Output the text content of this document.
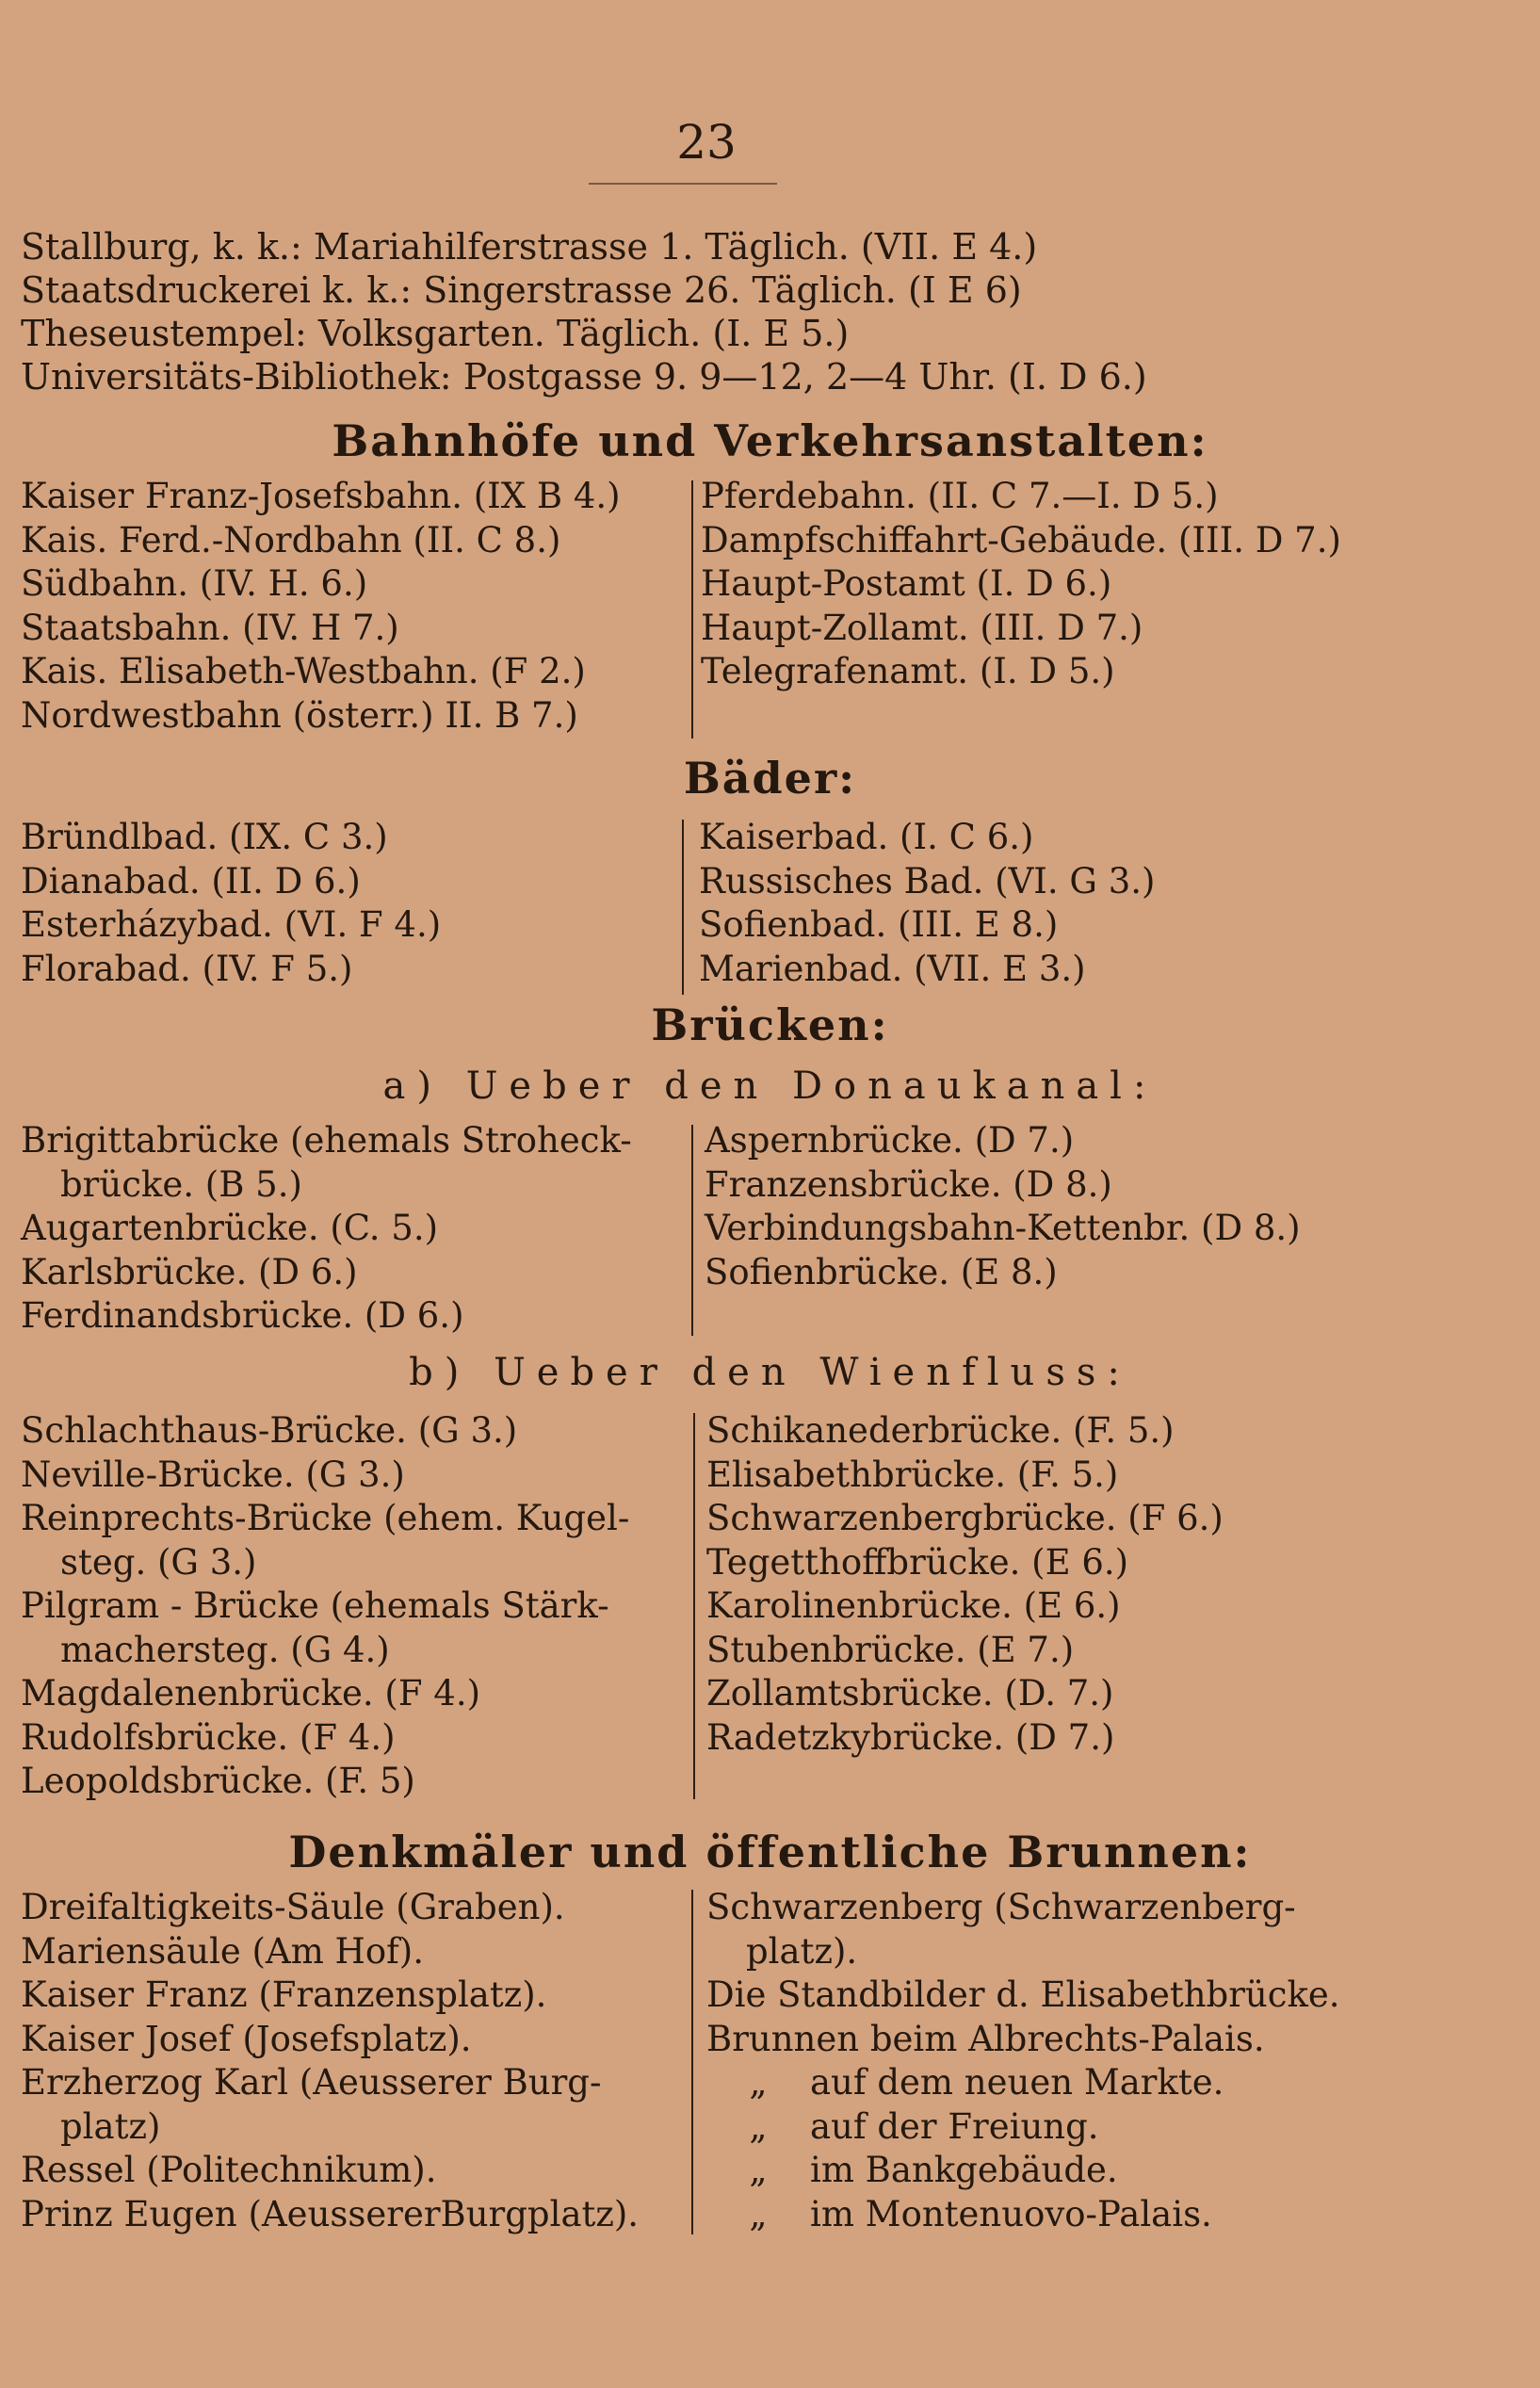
23
Stallburg, k. k.: Mariahilferstrasse 1. Täglich. (VII. E 4.)
Staatsdruckerei k. k.: Singerstrasse 26. Täglich. (I E 6)
Theseustempel: Volksgarten. Täglich. (I. E 5.)
Universitäts-Bibliothek: Postgasse 9. 9—12, 2—4 Uhr. (I. D 6.)
Bahnhöfe und Verkehrsanstalten:
Kaiser Franz-Josefsbahn. (IX B 4.)
Kais. Ferd.-Nordbahn (II. C 8.)
Südbahn. (IV. H. 6.)
Staatsbahn. (IV. H 7.)
Kais. Elisabeth-Westbahn. (F 2.)
Nordwestbahn (österr.) II. B 7.)
Pferdebahn. (II. C 7.—I. D 5.)
Dampfschiffahrt-Gebäude. (III. D 7.)
Haupt-Postamt (I. D 6.)
Haupt-Zollamt. (III. D 7.)
Telegrafenamt. (I. D 5.)
Bäder:
Bründlbad. (IX. C 3.)
Dianabad. (II. D 6.)
Esterházybad. (VI. F 4.)
Florabad. (IV. F 5.)
Kaiserbad. (I. C 6.)
Russisches Bad. (VI. G 3.)
Sofienbad. (III. E 8.)
Marienbad. (VII. E 3.)
Brücken:
a) Ueber den Donaukanal:
Brigittabrücke (ehemals Stroheck-
brücke. (B 5.)
Augartenbrücke. (C. 5.)
Karlsbrücke. (D 6.)
Ferdinandsbrücke. (D 6.)
Aspernbrücke. (D 7.)
Franzensbrücke. (D 8.)
Verbindungsbahn-Kettenbr. (D 8.)
Sofienbrücke. (E 8.)
b) Ueber den Wienfluss:
Schlachthaus-Brücke. (G 3.)
Neville-Brücke. (G 3.)
Reinprechts-Brücke (ehem. Kugel-
steg. (G 3.)
Pilgram - Brücke (ehemals Stärk-
machersteg. (G 4.)
Magdalenenbrücke. (F 4.)
Rudolfsbrücke. (F 4.)
Leopoldsbrücke. (F. 5)
Schikanederbrücke. (F. 5.)
Elisabethbrücke. (F. 5.)
Schwarzenbergbrücke. (F 6.)
Tegetthoffbrücke. (E 6.)
Karolinenbrücke. (E 6.)
Stubenbrücke. (E 7.)
Zollamtsbrücke. (D. 7.)
Radetzkybrücke. (D 7.)
Denkmäler und öffentliche Brunnen:
Dreifaltigkeits-Säule (Graben).
Mariensäule (Am Hof).
Kaiser Franz (Franzensplatz).
Kaiser Josef (Josefsplatz).
Erzherzog Karl (Aeusserer Burg-
platz)
Ressel (Politechnikum).
Prinz Eugen (AeussererBurgplatz).
Schwarzenberg (Schwarzenberg-
platz).
Die Standbilder d. Elisabethbrücke.
Brunnen beim Albrechts-Palais.
„ auf dem neuen Markte.
„ auf der Freiung.
„ im Bankgebäude.
„ im Montenuovo-Palais.
